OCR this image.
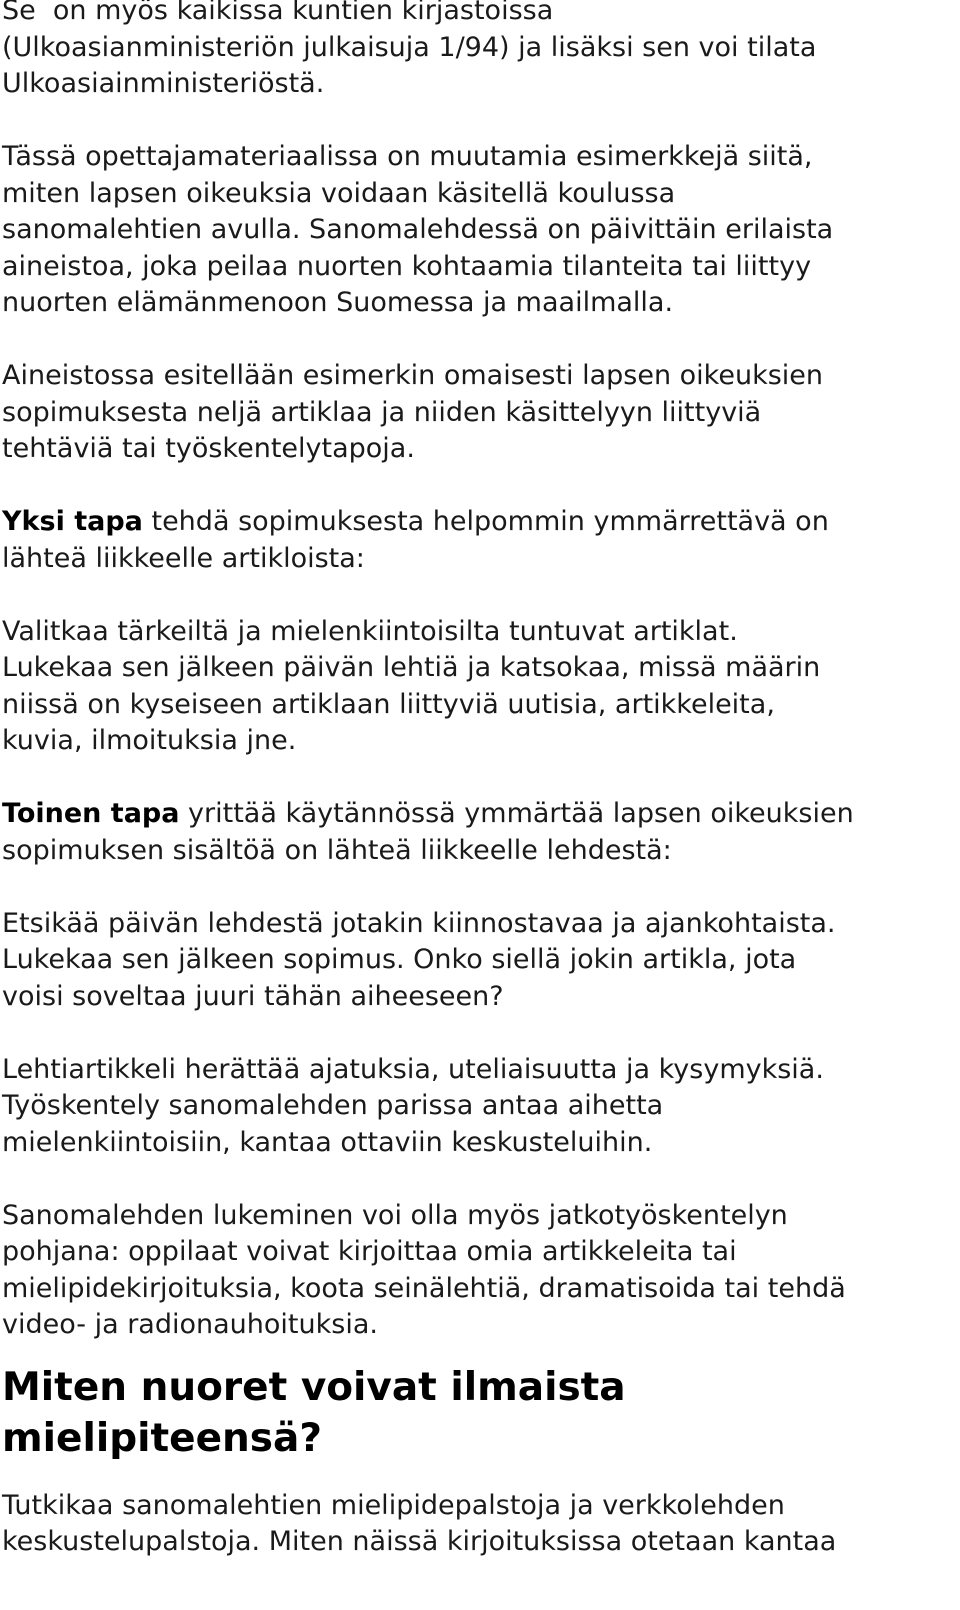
Se  on myös kaikissa kuntien kirjastoissa

(Ulkoasianministeriön julkaisuja 1/94) ja lisäksi sen voi tilata

Ulkoasiainministeriöstä.

Tässä opettajamateriaalissa on muutamia esimerkkejä siitä,

miten lapsen oikeuksia voidaan käsitellä koulussa

sanomalehtien avulla. Sanomalehdessä on päivittäin erilaista

aineistoa, joka peilaa nuorten kohtaamia tilanteita tai liittyy

nuorten elämänmenoon Suomessa ja maailmalla.

Aineistossa esitellään esimerkin omaisesti lapsen oikeuksien

sopimuksesta neljä artiklaa ja niiden käsittelyyn liittyviä

tehtäviä tai työskentelytapoja.

Yksi tapa tehdä sopimuksesta helpommin ymmärrettävä on

lähteä liikkeelle artikloista:

Valitkaa tärkeiltä ja mielenkiintoisilta tuntuvat artiklat.

Lukekaa sen jälkeen päivän lehtiä ja katsokaa, missä määrin

niissä on kyseiseen artiklaan liittyviä uutisia, artikkeleita,

kuvia, ilmoituksia jne.

Toinen tapa yrittää käytännössä ymmärtää lapsen oikeuksien

sopimuksen sisältöä on lähteä liikkeelle lehdestä:

Etsikää päivän lehdestä jotakin kiinnostavaa ja ajankohtaista.

Lukekaa sen jälkeen sopimus. Onko siellä jokin artikla, jota

voisi soveltaa juuri tähän aiheeseen?

Lehtiartikkeli herättää ajatuksia, uteliaisuutta ja kysymyksiä.

Työskentely sanomalehden parissa antaa aihetta

mielenkiintoisiin, kantaa ottaviin keskusteluihin.

Sanomalehden lukeminen voi olla myös jatkotyöskentelyn

pohjana: oppilaat voivat kirjoittaa omia artikkeleita tai

mielipidekirjoituksia, koota seinälehtiä, dramatisoida tai tehdä

video- ja radionauhoituksia.

Miten nuoret voivat ilmaista

mielipiteensä?

Tutkikaa sanomalehtien mielipidepalstoja ja verkkolehden

keskustelupalstoja. Miten näissä kirjoituksissa otetaan kantaa
